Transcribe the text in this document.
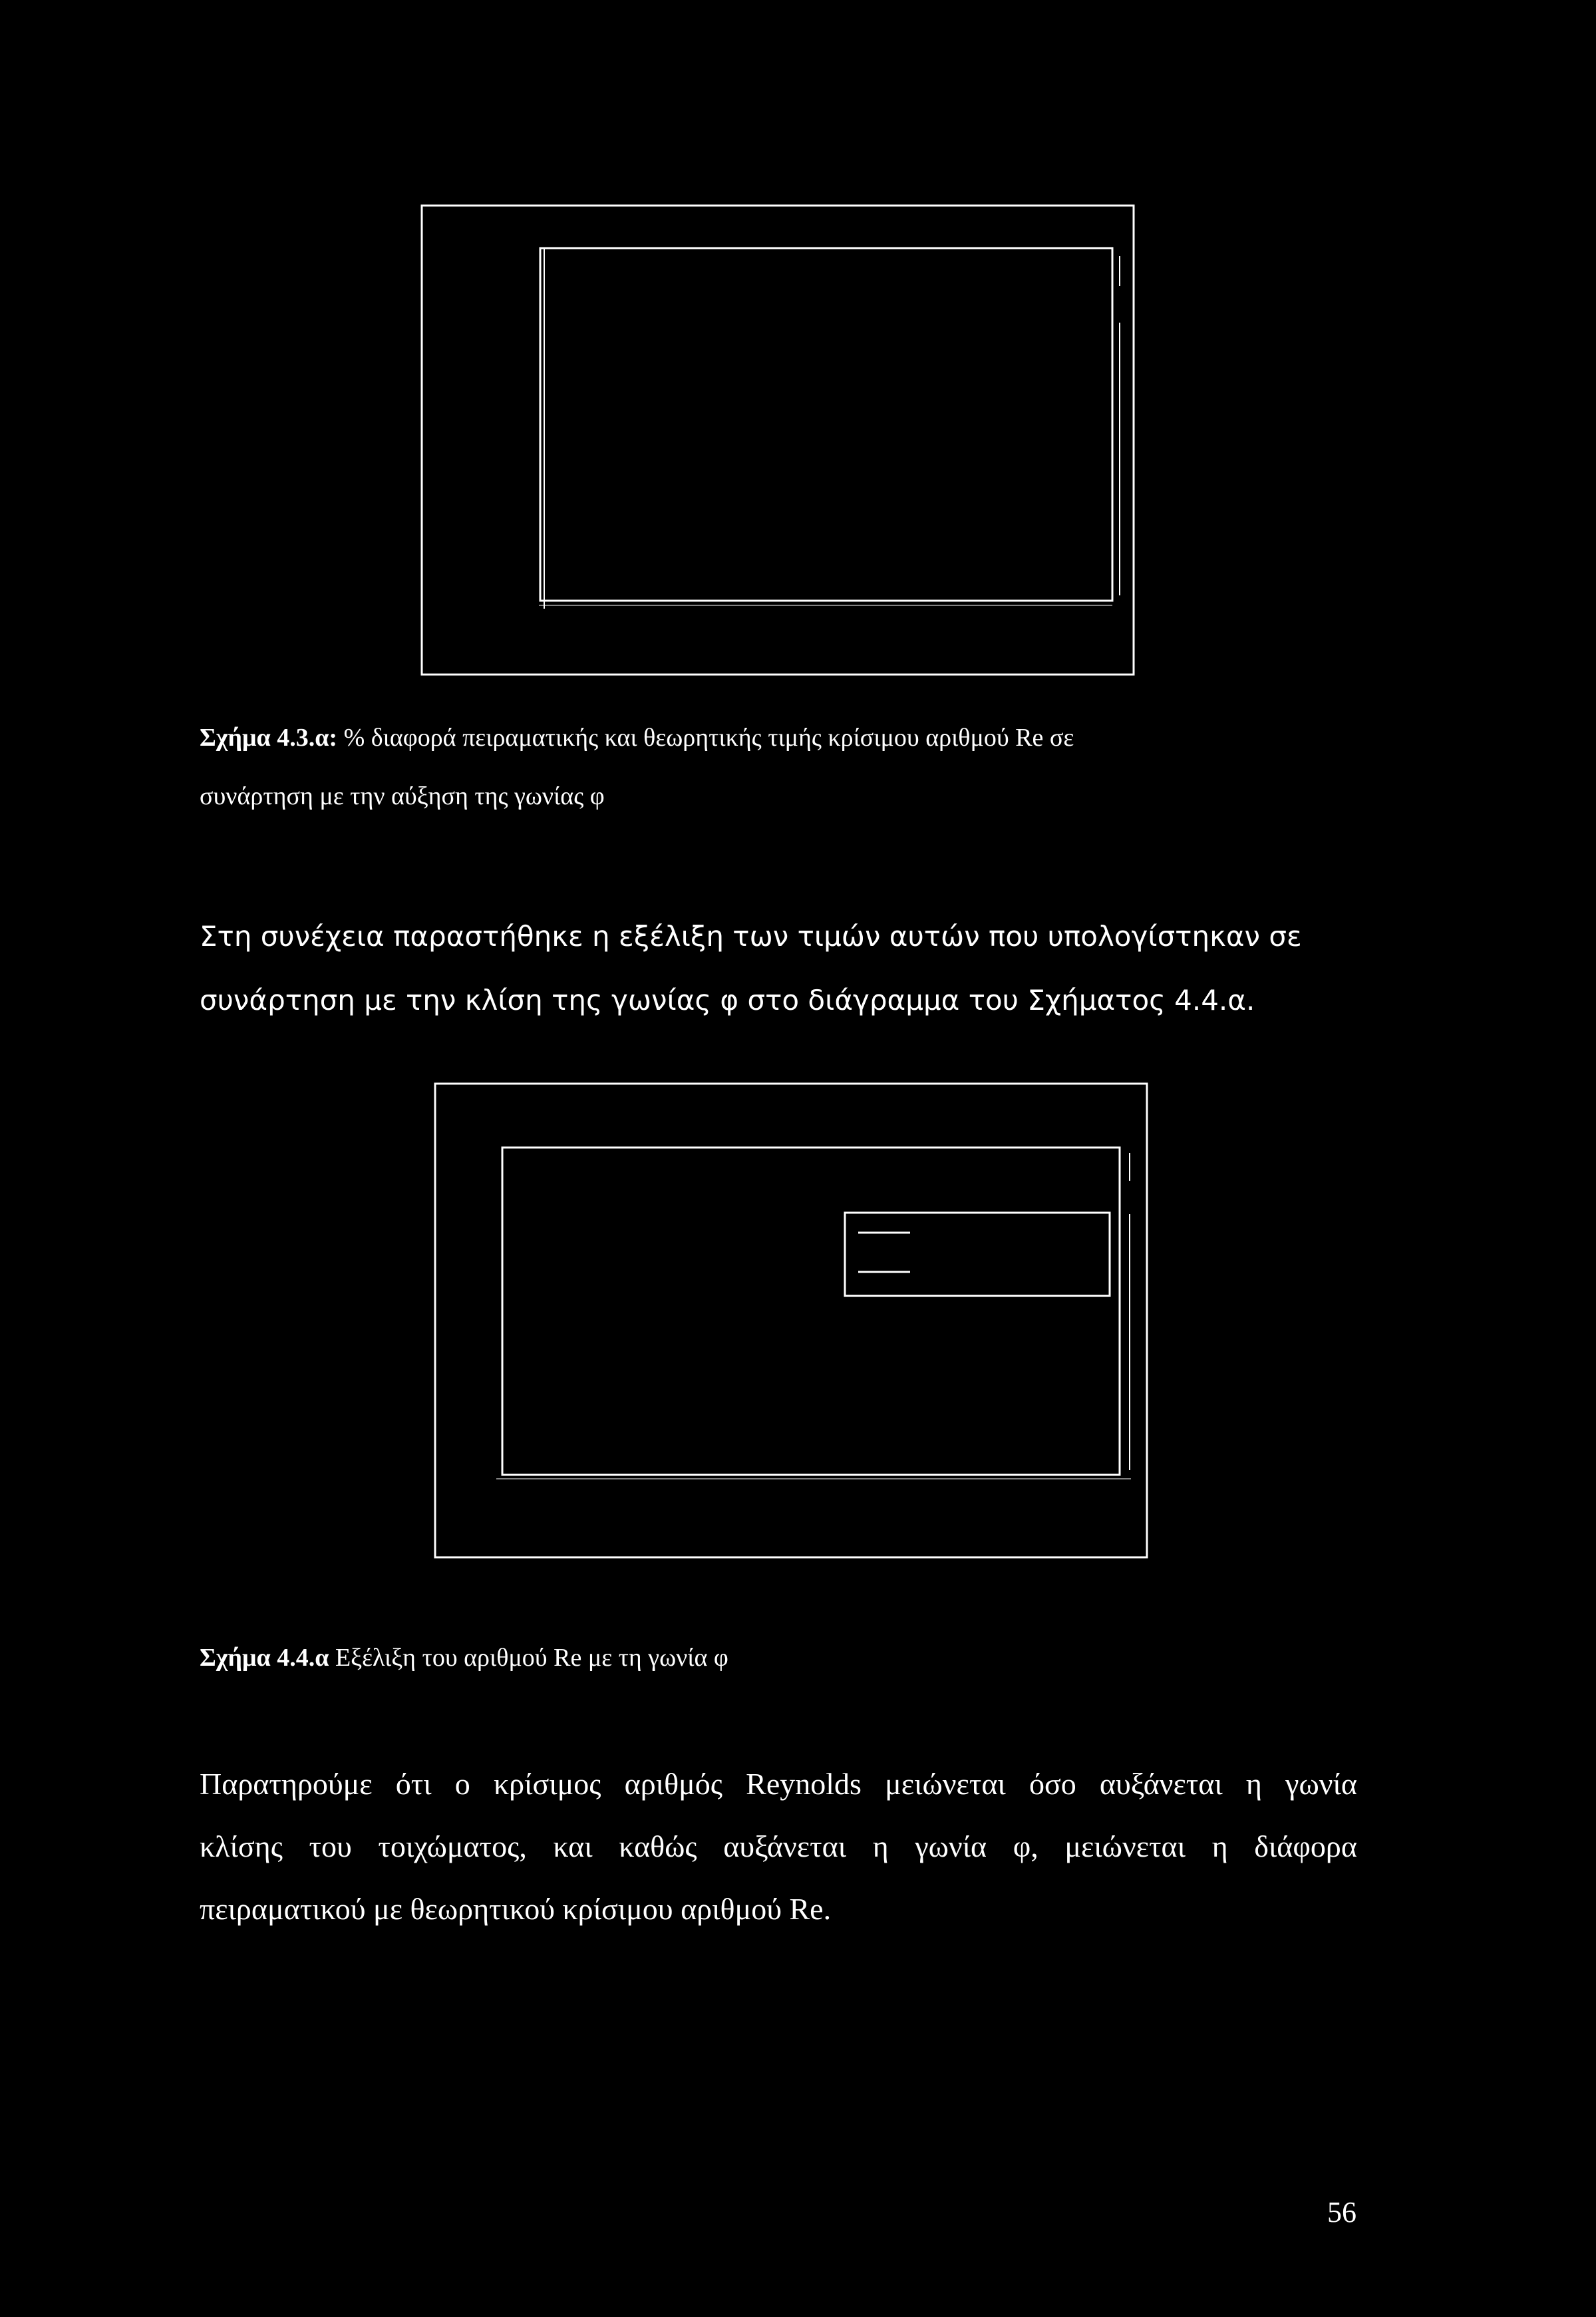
Σχήμα 4.3.α: % διαφορά πειραματικής και θεωρητικής τιμής κρίσιμου αριθμού Re σε
συνάρτηση με την αύξηση της γωνίας φ
Στη συνέχεια παραστήθηκε η εξέλιξη των τιμών αυτών που υπολογίστηκαν σε
συνάρτηση με την κλίση της γωνίας φ στο διάγραμμα του Σχήματος 4.4.α.
Σχήμα 4.4.α Εξέλιξη του αριθμού Re με τη γωνία φ
Παρατηρούμε ότι ο κρίσιμος αριθμός Reynolds μειώνεται όσο αυξάνεται η γωνία
κλίσης του τοιχώματος, και καθώς αυξάνεται η γωνία φ, μειώνεται η διάφορα
πειραματικού με θεωρητικού κρίσιμου αριθμού Re.
56
